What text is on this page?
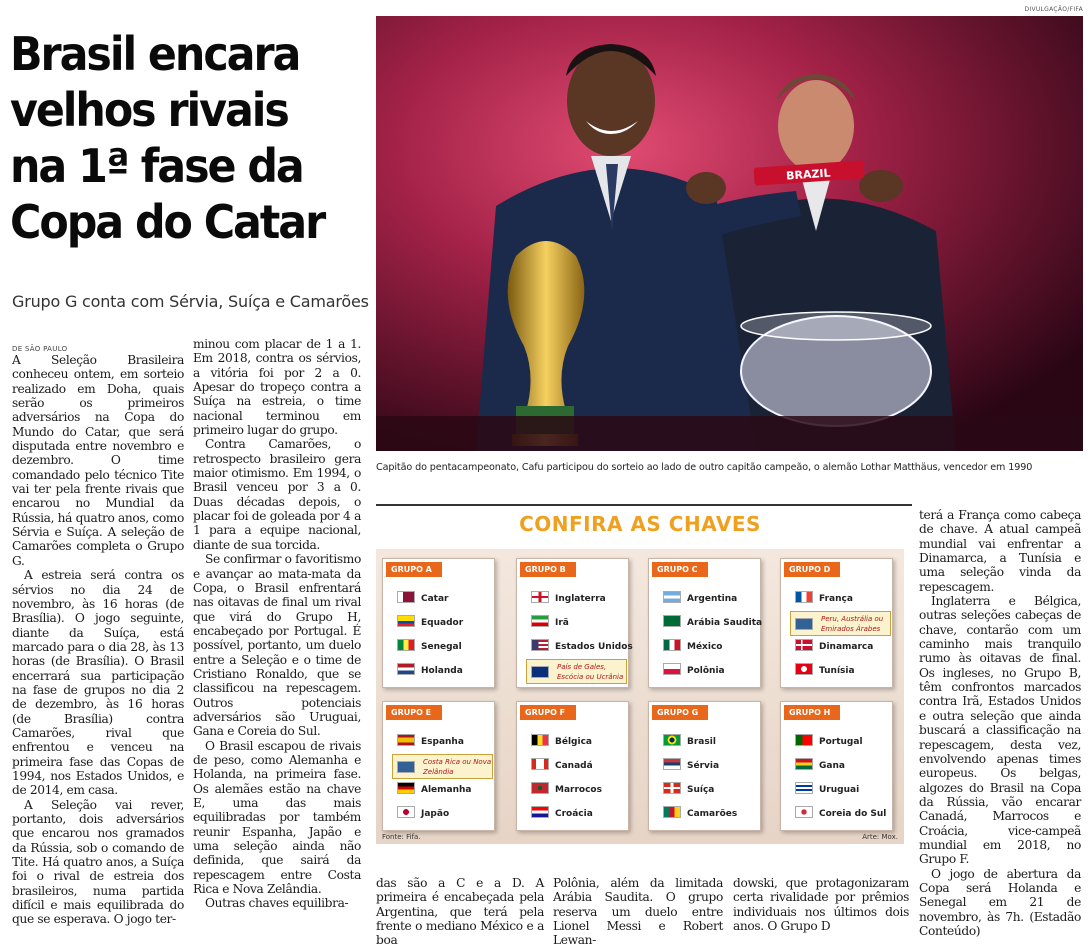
Brasil encara
velhos rivais
na 1ª fase da
Copa do Catar
Grupo G conta com Sérvia, Suíça e Camarões
DE SÃO PAULO

A Seleção Brasileira conheceu ontem, em sorteio realizado em Doha, quais serão os primeiros adversários na Copa do Mundo do Catar, que será disputada entre novembro e dezembro. O time comandado pelo técnico Tite vai ter pela frente rivais que encarou no Mundial da Rússia, há quatro anos, como Sérvia e Suíça. A seleção de Camarões completa o Grupo G.

A estreia será contra os sérvios no dia 24 de novembro, às 16 horas (de Brasília). O jogo seguinte, diante da Suíça, está marcado para o dia 28, às 13 horas (de Brasília). O Brasil encerrará sua participação na fase de grupos no dia 2 de dezembro, às 16 horas (de Brasília) contra Camarões, rival que enfrentou e venceu na primeira fase das Copas de 1994, nos Estados Unidos, e de 2014, em casa.

A Seleção vai rever, portanto, dois adversários que encarou nos gramados da Rússia, sob o comando de Tite. Há quatro anos, a Suíça foi o rival de estreia dos brasileiros, numa partida difícil e mais equilibrada do que se esperava. O jogo ter-

minou com placar de 1 a 1. Em 2018, contra os sérvios, a vitória foi por 2 a 0. Apesar do tropeço contra a Suíça na estreia, o time nacional terminou em primeiro lugar do grupo.

Contra Camarões, o retrospecto brasileiro gera maior otimismo. Em 1994, o Brasil venceu por 3 a 0. Duas décadas depois, o placar foi de goleada por 4 a 1 para a equipe nacional, diante de sua torcida.

Se confirmar o favoritismo e avançar ao mata-mata da Copa, o Brasil enfrentará nas oitavas de final um rival que virá do Grupo H, encabeçado por Portugal. É possível, portanto, um duelo entre a Seleção e o time de Cristiano Ronaldo, que se classificou na repescagem. Outros potenciais adversários são Uruguai, Gana e Coreia do Sul.

O Brasil escapou de rivais de peso, como Alemanha e Holanda, na primeira fase. Os alemães estão na chave E, uma das mais equilibradas por também reunir Espanha, Japão e uma seleção ainda não definida, que sairá da repescagem entre Costa Rica e Nova Zelândia.

Outras chaves equilibra-

DIVULGAÇÃO/FIFA
BRAZIL
Capitão do pentacampeonato, Cafu participou do sorteio ao lado de outro capitão campeão, o alemão Lothar Matthäus, vencedor em 1990
CONFIRA AS CHAVES
Fonte: Fifa.	Arte: Mox.
GRUPO A
Catar
Equador
Senegal
Holanda
GRUPO B
Inglaterra
Irã
Estados Unidos
País de Gales, Escócia ou Ucrânia
GRUPO C
Argentina
Arábia Saudita
México
Polônia
GRUPO D
França
Peru, Austrália ou Emirados Árabes
Dinamarca
Tunísia
GRUPO E
Espanha
Costa Rica ou Nova Zelândia
Alemanha
Japão
GRUPO F
Bélgica
Canadá
Marrocos
Croácia
GRUPO G
Brasil
Sérvia
Suíça
Camarões
GRUPO H
Portugal
Gana
Uruguai
Coreia do Sul

das são a C e a D. A primeira é encabeçada pela Argentina, que terá pela frente o mediano México e a boa

Polônia, além da limitada Arábia Saudita. O grupo reserva um duelo entre Lionel Messi e Robert Lewan-

dowski, que protagonizaram certa rivalidade por prêmios individuais nos últimos dois anos. O Grupo D

terá a França como cabeça de chave. A atual campeã mundial vai enfrentar a Dinamarca, a Tunísia e uma seleção vinda da repescagem.

Inglaterra e Bélgica, outras seleções cabeças de chave, contarão com um caminho mais tranquilo rumo às oitavas de final. Os ingleses, no Grupo B, têm confrontos marcados contra Irã, Estados Unidos e outra seleção que ainda buscará a classificação na repescagem, desta vez, envolvendo apenas times europeus. Os belgas, algozes do Brasil na Copa da Rússia, vão encarar Canadá, Marrocos e Croácia, vice-campeã mundial em 2018, no Grupo F.

O jogo de abertura da Copa será Holanda e Senegal em 21 de novembro, às 7h. (Estadão Conteúdo)
